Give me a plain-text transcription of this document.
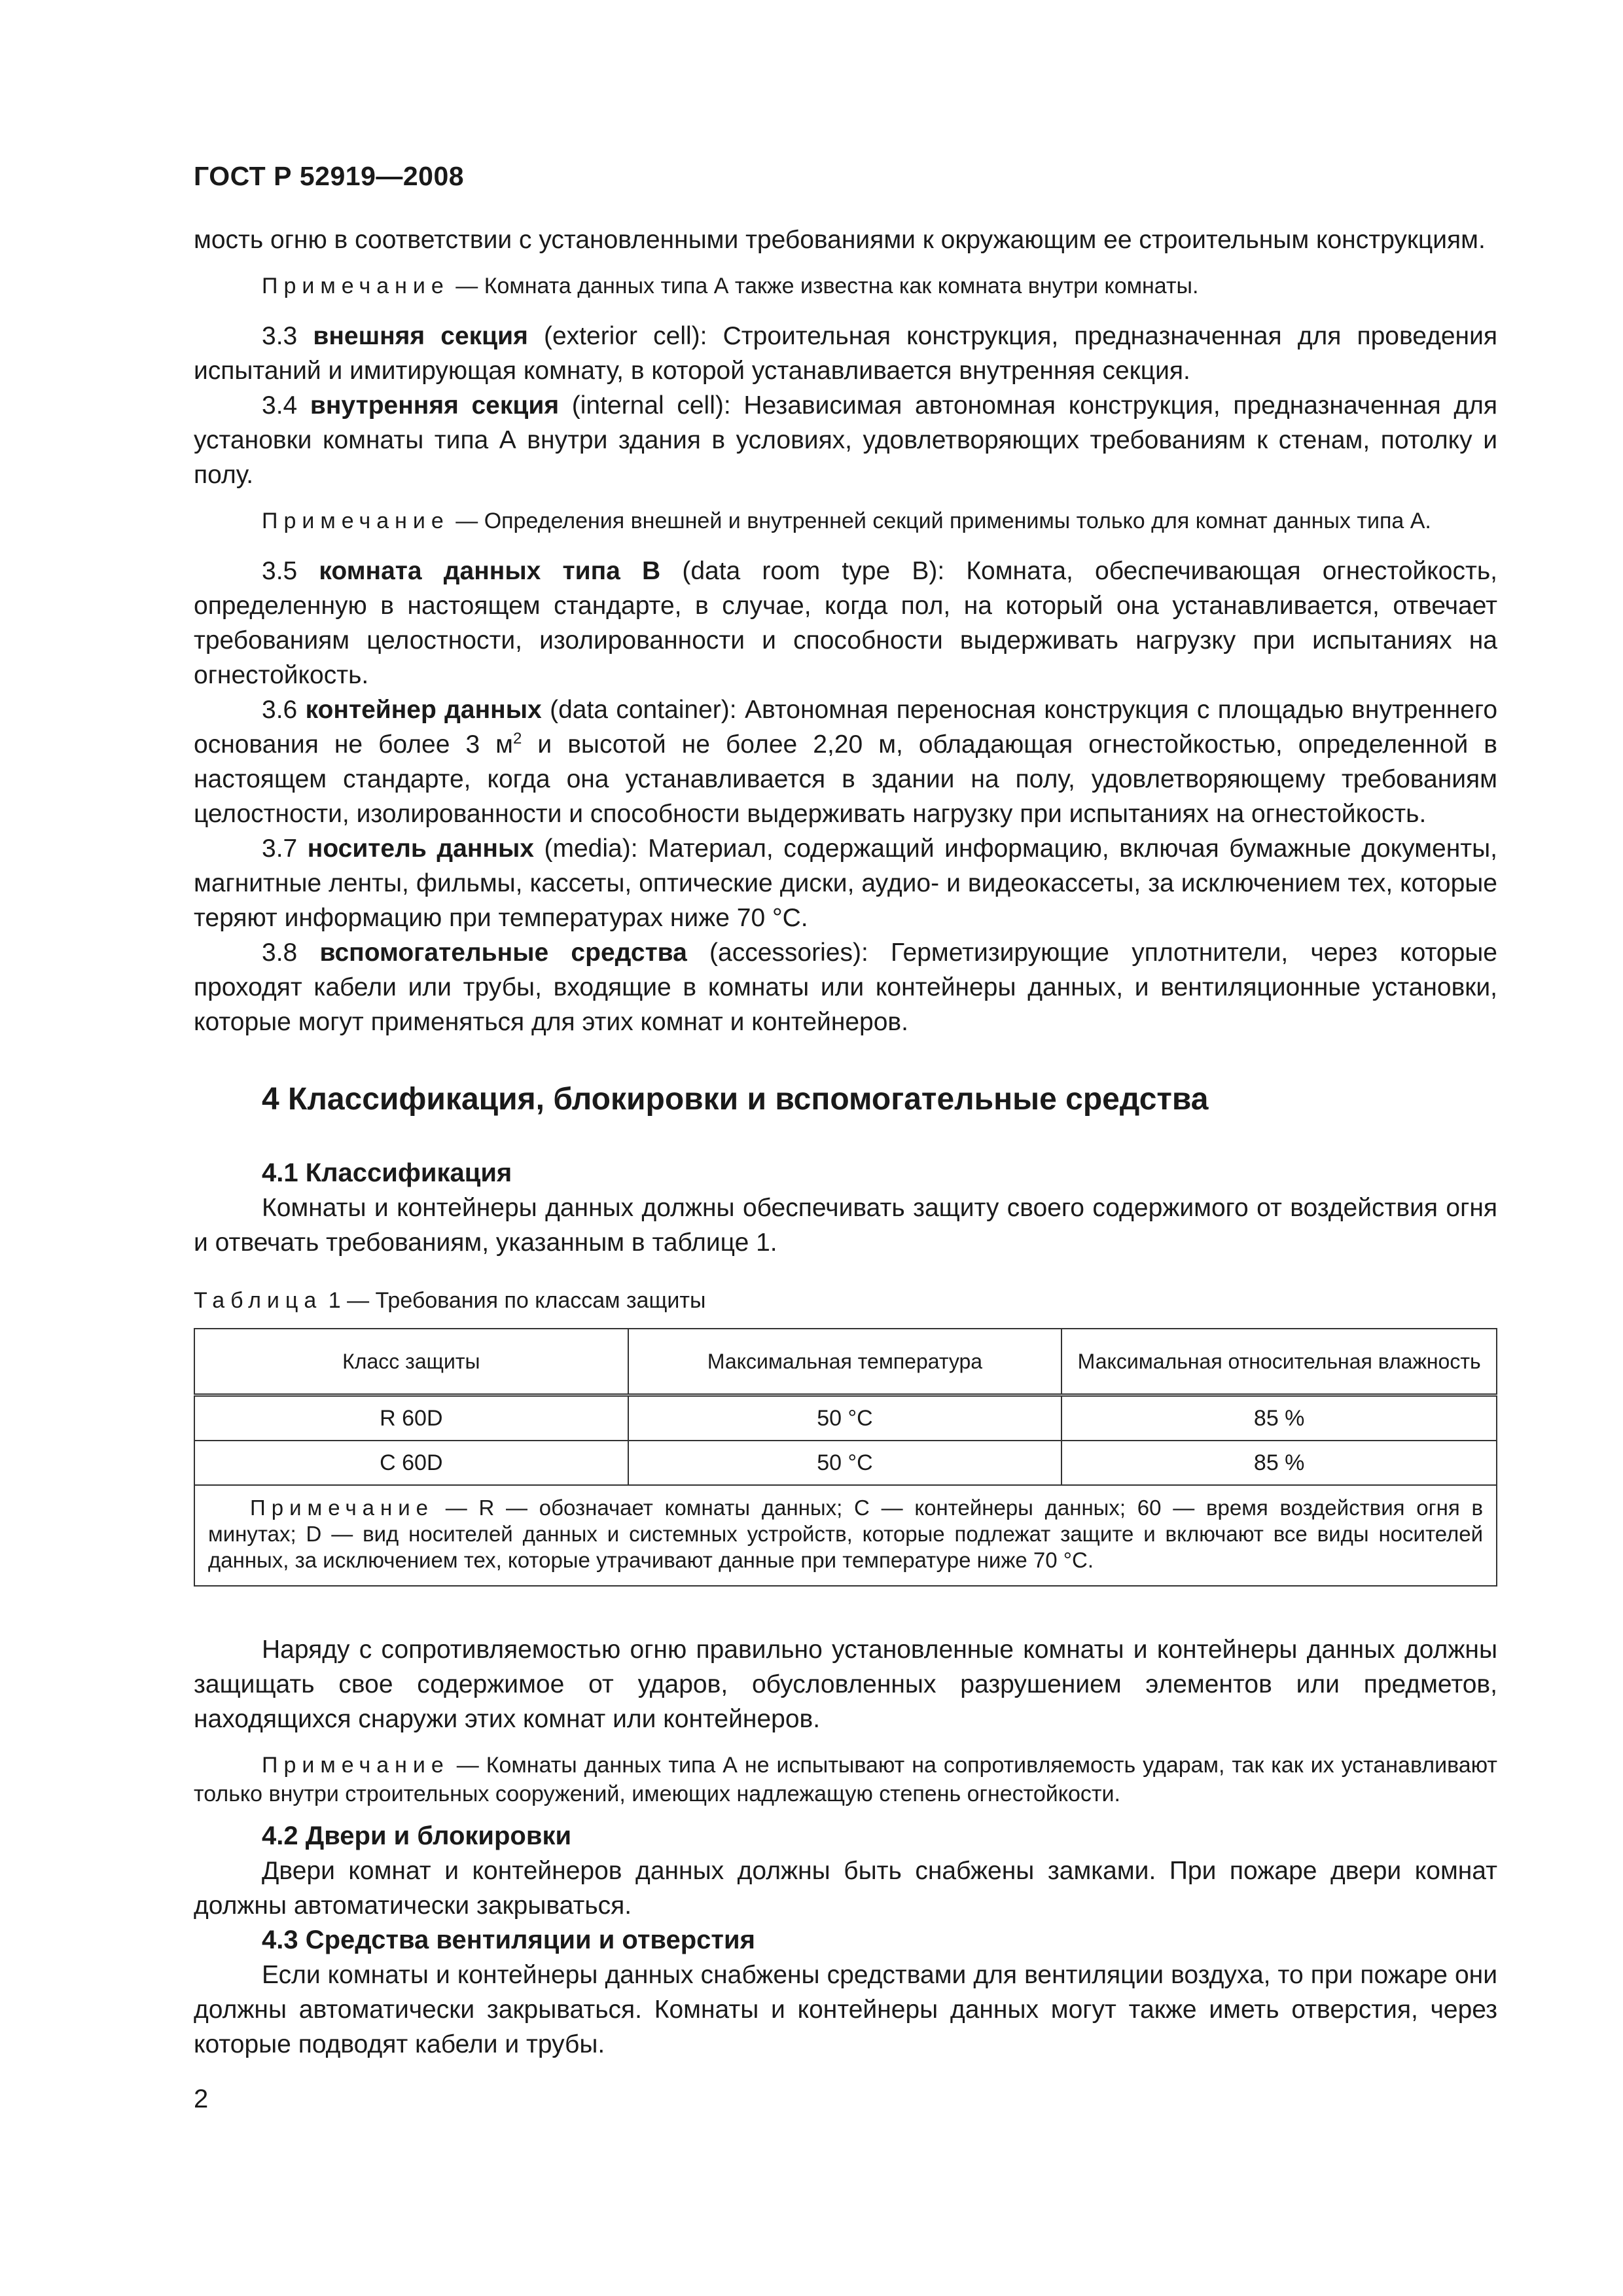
ГОСТ Р 52919—2008

мость огню в соответствии с установленными требованиями к окружающим ее строительным конструкциям.

Примечание — Комната данных типа А также известна как комната внутри комнаты.

3.3 внешняя секция (exterior cell): Строительная конструкция, предназначенная для проведения испытаний и имитирующая комнату, в которой устанавливается внутренняя секция.

3.4 внутренняя секция (internal cell): Независимая автономная конструкция, предназначенная для установки комнаты типа А внутри здания в условиях, удовлетворяющих требованиям к стенам, потолку и полу.

Примечание — Определения внешней и внутренней секций применимы только для комнат данных типа А.

3.5 комната данных типа В (data room type B): Комната, обеспечивающая огнестойкость, определенную в настоящем стандарте, в случае, когда пол, на который она устанавливается, отвечает требованиям целостности, изолированности и способности выдерживать нагрузку при испытаниях на огнестойкость.

3.6 контейнер данных (data container): Автономная переносная конструкция с площадью внутреннего основания не более 3 $м^2$ и высотой не более 2,20 м, обладающая огнестойкостью, определенной в настоящем стандарте, когда она устанавливается в здании на полу, удовлетворяющему требованиям целостности, изолированности и способности выдерживать нагрузку при испытаниях на огнестойкость.

3.7 носитель данных (media): Материал, содержащий информацию, включая бумажные документы, магнитные ленты, фильмы, кассеты, оптические диски, аудио- и видеокассеты, за исключением тех, которые теряют информацию при температурах ниже 70 °С.

3.8 вспомогательные средства (accessories): Герметизирующие уплотнители, через которые проходят кабели или трубы, входящие в комнаты или контейнеры данных, и вентиляционные установки, которые могут применяться для этих комнат и контейнеров.

4 Классификация, блокировки и вспомогательные средства
4.1 Классификация

Комнаты и контейнеры данных должны обеспечивать защиту своего содержимого от воздействия огня и отвечать требованиям, указанным в таблице 1.

Таблица 1 — Требования по классам защиты

Класс защиты	Максимальная температура	Максимальная относительная влажность
R 60D	50 °С	85 %
С 60D	50 °С	85 %
Примечание — R — обозначает комнаты данных; С — контейнеры данных; 60 — время воздействия огня в минутах; D — вид носителей данных и системных устройств, которые подлежат защите и включают все виды носителей данных, за исключением тех, которые утрачивают данные при температуре ниже 70 °С.		

Наряду с сопротивляемостью огню правильно установленные комнаты и контейнеры данных должны защищать свое содержимое от ударов, обусловленных разрушением элементов или предметов, находящихся снаружи этих комнат или контейнеров.

Примечание — Комнаты данных типа А не испытывают на сопротивляемость ударам, так как их устанавливают только внутри строительных сооружений, имеющих надлежащую степень огнестойкости.

4.2 Двери и блокировки

Двери комнат и контейнеров данных должны быть снабжены замками. При пожаре двери комнат должны автоматически закрываться.

4.3 Средства вентиляции и отверстия

Если комнаты и контейнеры данных снабжены средствами для вентиляции воздуха, то при пожаре они должны автоматически закрываться. Комнаты и контейнеры данных могут также иметь отверстия, через которые подводят кабели и трубы.

2
